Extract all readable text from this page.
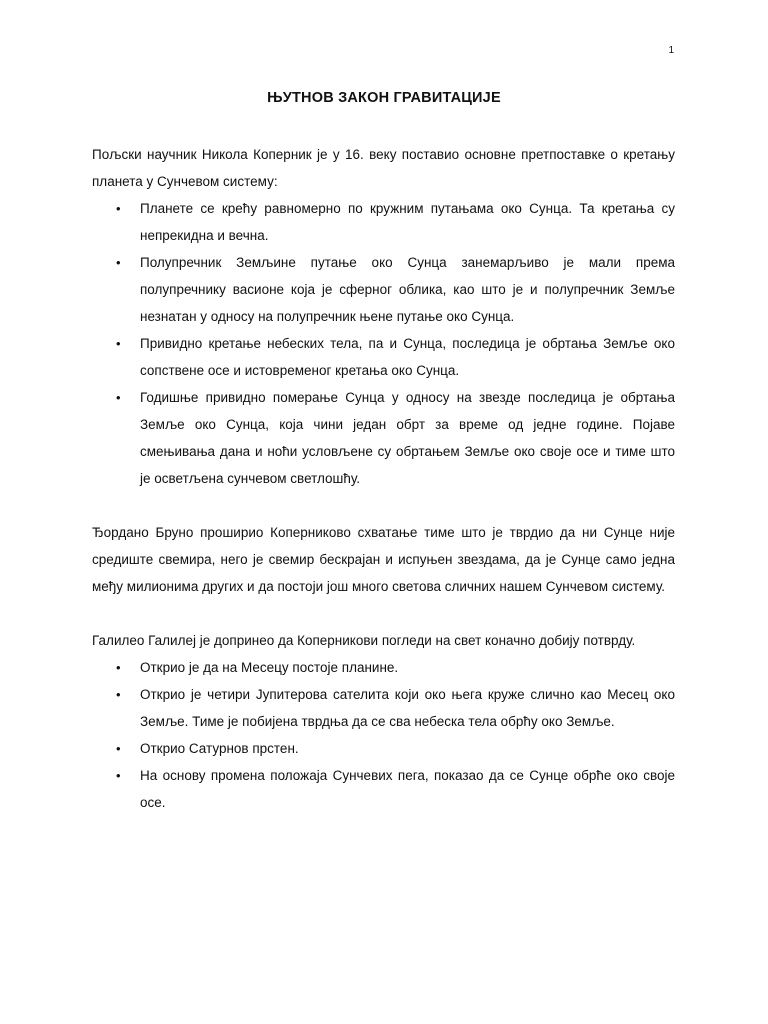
1
ЊУТНОВ ЗАКОН ГРАВИТАЦИЈЕ

Пољски научник Никола Коперник је у 16. веку поставио основне претпоставке о кретању планета у Сунчевом систему:

• Планете се крећу равномерно по кружним путањама око Сунца. Та кретања су непрекидна и вечна.
• Полупречник Земљине путање око Сунца занемарљиво је мали према полупречнику васионе која је сферног облика, као што је и полупречник Земље незнатан у односу на полупречник њене путање око Сунца.
• Привидно кретање небеских тела, па и Сунца, последица је обртања Земље око сопствене осе и истовременог кретања око Сунца.
• Годишње привидно померање Сунца у односу на звезде последица је обртања Земље око Сунца, која чини један обрт за време од једне године. Појаве смењивања дана и ноћи условљене су обртањем Земље око своје осе и тиме што је осветљена сунчевом светлошћу.

Ђордано Бруно проширио Коперниково схватање тиме што је тврдио да ни Сунце није средиште свемира, него је свемир бескрајан и испуњен звездама, да је Сунце само једна међу милионима других и да постоји још много светова сличних нашем Сунчевом систему.

Галилео Галилеј је допринео да Коперникови погледи на свет коначно добију потврду.

• Открио је да на Месецу постоје планине.
• Открио је четири Јупитерова сателита који око њега круже слично као Месец око Земље. Тиме је побијена тврдња да се сва небеска тела обрћу око Земље.
• Открио Сатурнов прстен.
• На основу промена положаја Сунчевих пега, показао да се Сунце обрће око своје осе.
